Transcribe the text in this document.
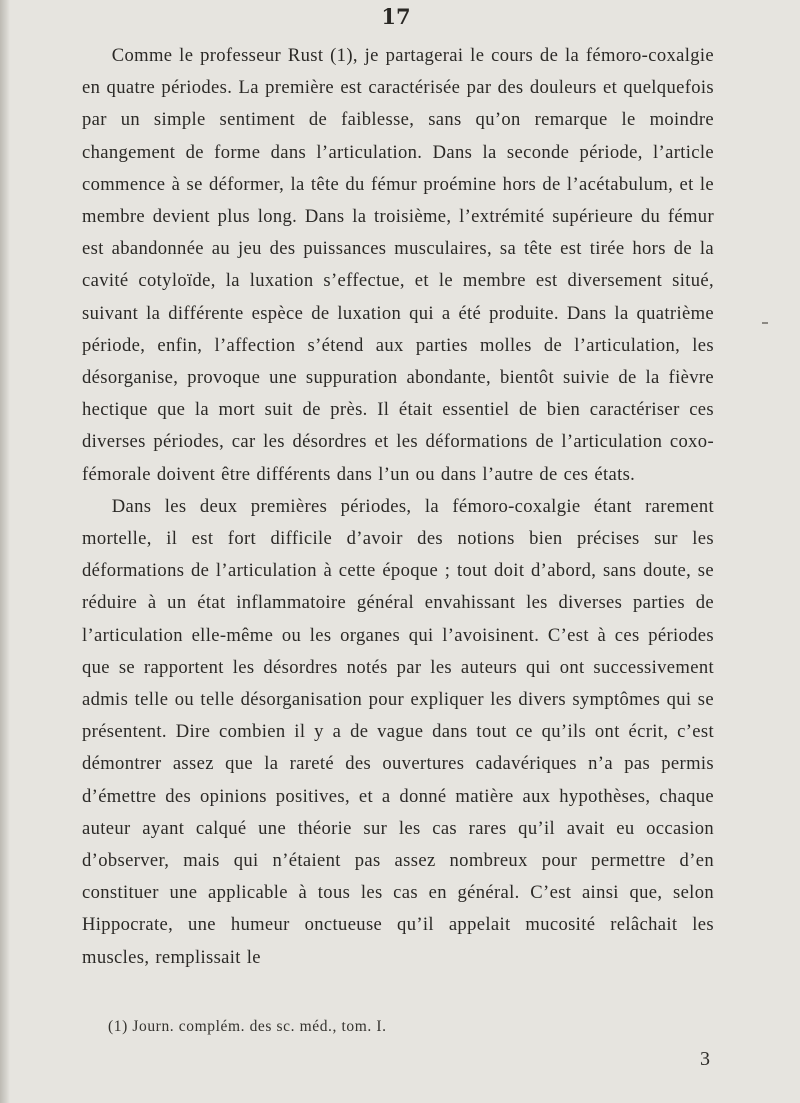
17

Comme le professeur Rust (1), je partagerai le cours de la fémoro-coxalgie en quatre périodes. La première est caractérisée par des douleurs et quelquefois par un simple sentiment de faiblesse, sans qu’on remarque le moindre changement de forme dans l’articulation. Dans la seconde période, l’article commence à se déformer, la tête du fémur proémine hors de l’acétabulum, et le membre devient plus long. Dans la troisième, l’extrémité supérieure du fémur est abandonnée au jeu des puissances musculaires, sa tête est tirée hors de la cavité cotyloïde, la luxation s’effectue, et le membre est diversement situé, suivant la différente espèce de luxation qui a été produite. Dans la quatrième période, enfin, l’affection s’étend aux parties molles de l’articulation, les désorganise, provoque une suppuration abondante, bientôt suivie de la fièvre hectique que la mort suit de près. Il était essentiel de bien caractériser ces diverses périodes, car les désordres et les déformations de l’articulation coxo-fémorale doivent être différents dans l’un ou dans l’autre de ces états.

Dans les deux premières périodes, la fémoro-coxalgie étant rarement mortelle, il est fort difficile d’avoir des notions bien précises sur les déformations de l’articulation à cette époque ; tout doit d’abord, sans doute, se réduire à un état inflammatoire général envahissant les diverses parties de l’articulation elle-même ou les organes qui l’avoisinent. C’est à ces périodes que se rapportent les désordres notés par les auteurs qui ont successivement admis telle ou telle désorganisation pour expliquer les divers symptômes qui se présentent. Dire combien il y a de vague dans tout ce qu’ils ont écrit, c’est démontrer assez que la rareté des ouvertures cadavériques n’a pas permis d’émettre des opinions positives, et a donné matière aux hypothèses, chaque auteur ayant calqué une théorie sur les cas rares qu’il avait eu occasion d’observer, mais qui n’étaient pas assez nombreux pour permettre d’en constituer une applicable à tous les cas en général. C’est ainsi que, selon Hippocrate, une humeur onctueuse qu’il appelait mucosité relâchait les muscles, remplissait le

(1) Journ. complém. des sc. méd., tom. I.
3
